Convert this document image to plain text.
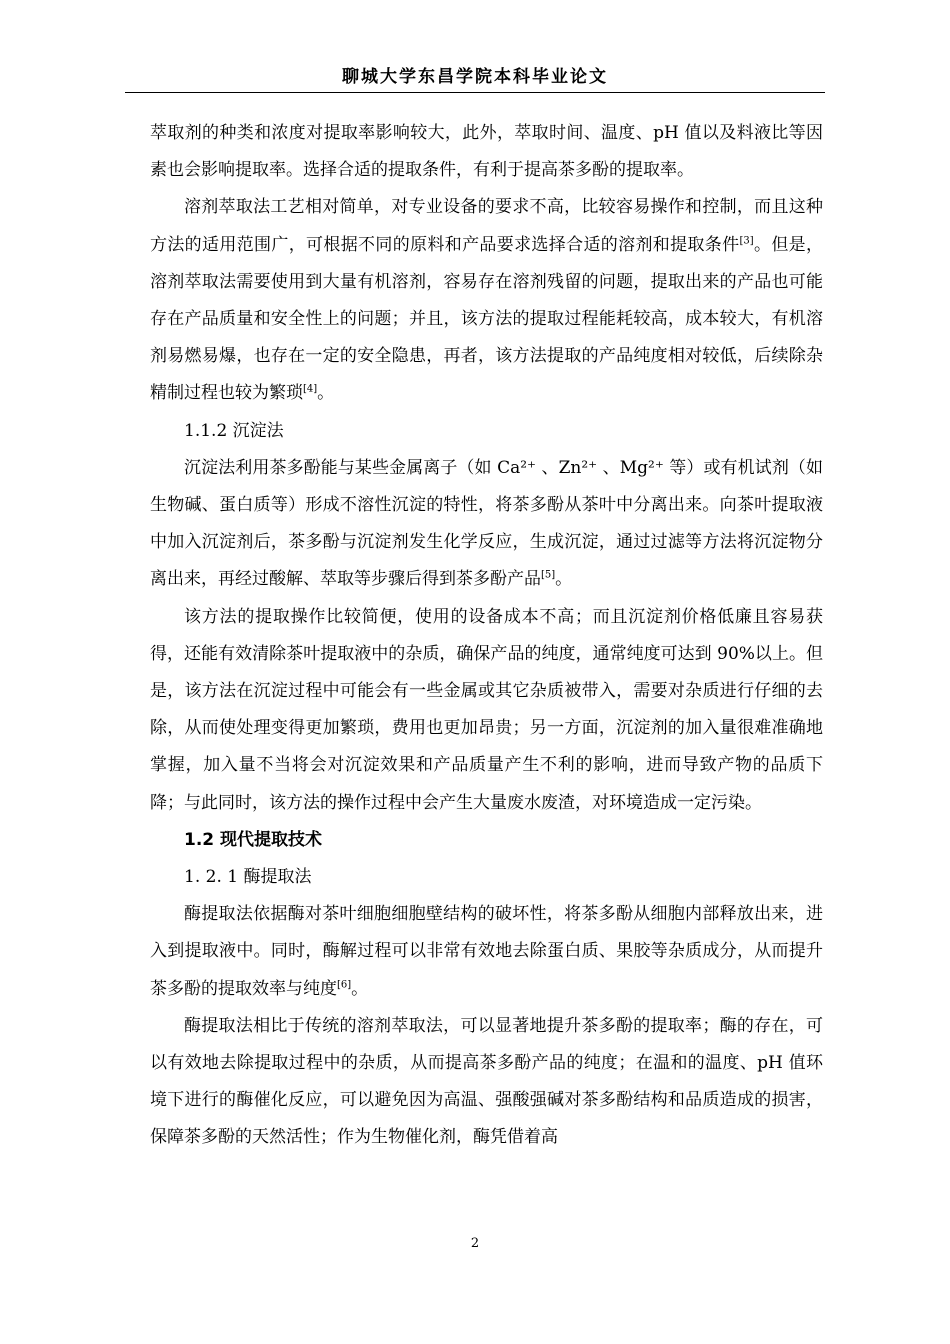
聊城大学东昌学院本科毕业论文

萃取剂的种类和浓度对提取率影响较大，此外，萃取时间、温度、pH 值以及料液比等因素也会影响提取率。选择合适的提取条件，有利于提高茶多酚的提取率。

溶剂萃取法工艺相对简单，对专业设备的要求不高，比较容易操作和控制，而且这种方法的适用范围广，可根据不同的原料和产品要求选择合适的溶剂和提取条件[3]。但是，溶剂萃取法需要使用到大量有机溶剂，容易存在溶剂残留的问题，提取出来的产品也可能存在产品质量和安全性上的问题；并且，该方法的提取过程能耗较高，成本较大，有机溶剂易燃易爆，也存在一定的安全隐患，再者，该方法提取的产品纯度相对较低，后续除杂精制过程也较为繁琐[4]。

1.1.2 沉淀法

沉淀法利用茶多酚能与某些金属离子（如 Ca²⁺ 、Zn²⁺ 、Mg²⁺ 等）或有机试剂（如生物碱、蛋白质等）形成不溶性沉淀的特性，将茶多酚从茶叶中分离出来。向茶叶提取液中加入沉淀剂后，茶多酚与沉淀剂发生化学反应，生成沉淀，通过过滤等方法将沉淀物分离出来，再经过酸解、萃取等步骤后得到茶多酚产品[5]。

该方法的提取操作比较简便，使用的设备成本不高；而且沉淀剂价格低廉且容易获得，还能有效清除茶叶提取液中的杂质，确保产品的纯度，通常纯度可达到 90%以上。但是，该方法在沉淀过程中可能会有一些金属或其它杂质被带入，需要对杂质进行仔细的去除，从而使处理变得更加繁琐，费用也更加昂贵；另一方面，沉淀剂的加入量很难准确地掌握，加入量不当将会对沉淀效果和产品质量产生不利的影响，进而导致产物的品质下降；与此同时，该方法的操作过程中会产生大量废水废渣，对环境造成一定污染。

1.2 现代提取技术

1. 2. 1 酶提取法

酶提取法依据酶对茶叶细胞细胞壁结构的破坏性，将茶多酚从细胞内部释放出来，进入到提取液中。同时，酶解过程可以非常有效地去除蛋白质、果胶等杂质成分，从而提升茶多酚的提取效率与纯度[6]。

酶提取法相比于传统的溶剂萃取法，可以显著地提升茶多酚的提取率；酶的存在，可以有效地去除提取过程中的杂质，从而提高茶多酚产品的纯度；在温和的温度、pH 值环境下进行的酶催化反应，可以避免因为高温、强酸强碱对茶多酚结构和品质造成的损害，保障茶多酚的天然活性；作为生物催化剂，酶凭借着高

2
